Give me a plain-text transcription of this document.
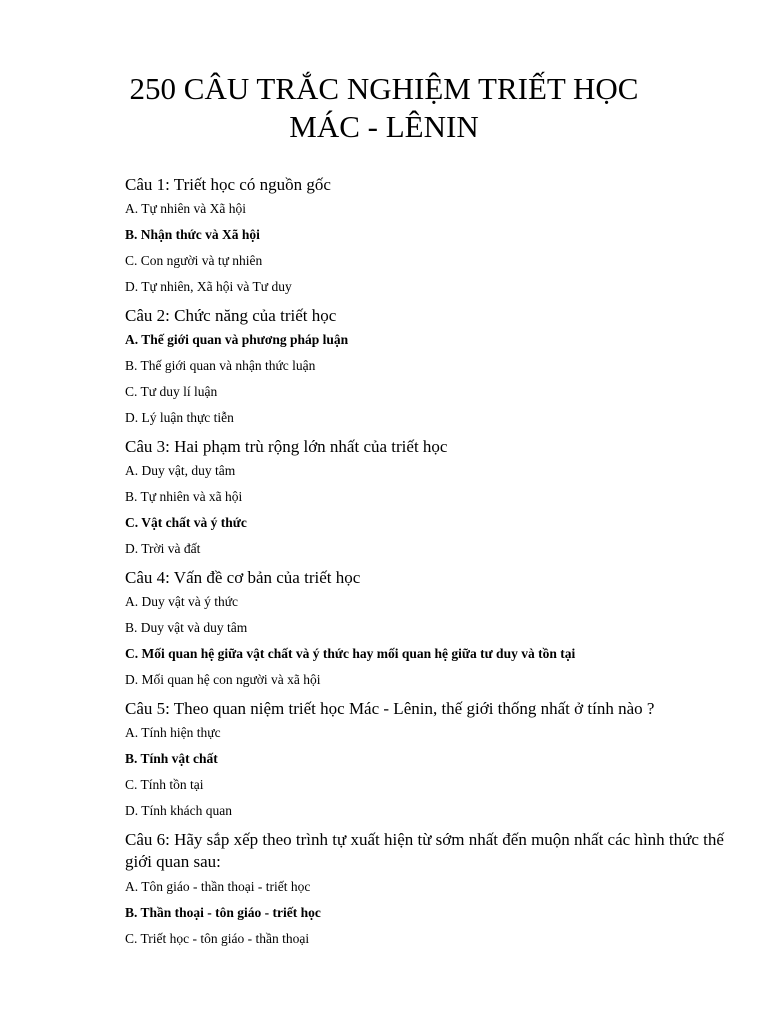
250 CÂU TRẮC NGHIỆM TRIẾT HỌC
MÁC - LÊNIN

Câu 1: Triết học có nguồn gốc

A. Tự nhiên và Xã hội

B. Nhận thức và Xã hội

C. Con người và tự nhiên

D. Tự nhiên, Xã hội và Tư duy

Câu 2: Chức năng của triết học

A. Thế giới quan và phương pháp luận

B. Thế giới quan và nhận thức luận

C. Tư duy lí luận

D. Lý luận thực tiễn

Câu 3: Hai phạm trù rộng lớn nhất của triết học

A. Duy vật, duy tâm

B. Tự nhiên và xã hội

C. Vật chất và ý thức

D. Trời và đất

Câu 4: Vấn đề cơ bản của triết học

A. Duy vật và ý thức

B. Duy vật và duy tâm

C. Mối quan hệ giữa vật chất và ý thức hay mối quan hệ giữa tư duy và tồn tại

D. Mối quan hệ con người và xã hội

Câu 5: Theo quan niệm triết học Mác - Lênin, thế giới thống nhất ở tính nào ?

A. Tính hiện thực

B. Tính vật chất

C. Tính tồn tại

D. Tính khách quan

Câu 6: Hãy sắp xếp theo trình tự xuất hiện từ sớm nhất đến muộn nhất các hình thức thế giới quan sau:

A. Tôn giáo - thần thoại - triết học

B. Thần thoại - tôn giáo - triết học

C. Triết học - tôn giáo - thần thoại
